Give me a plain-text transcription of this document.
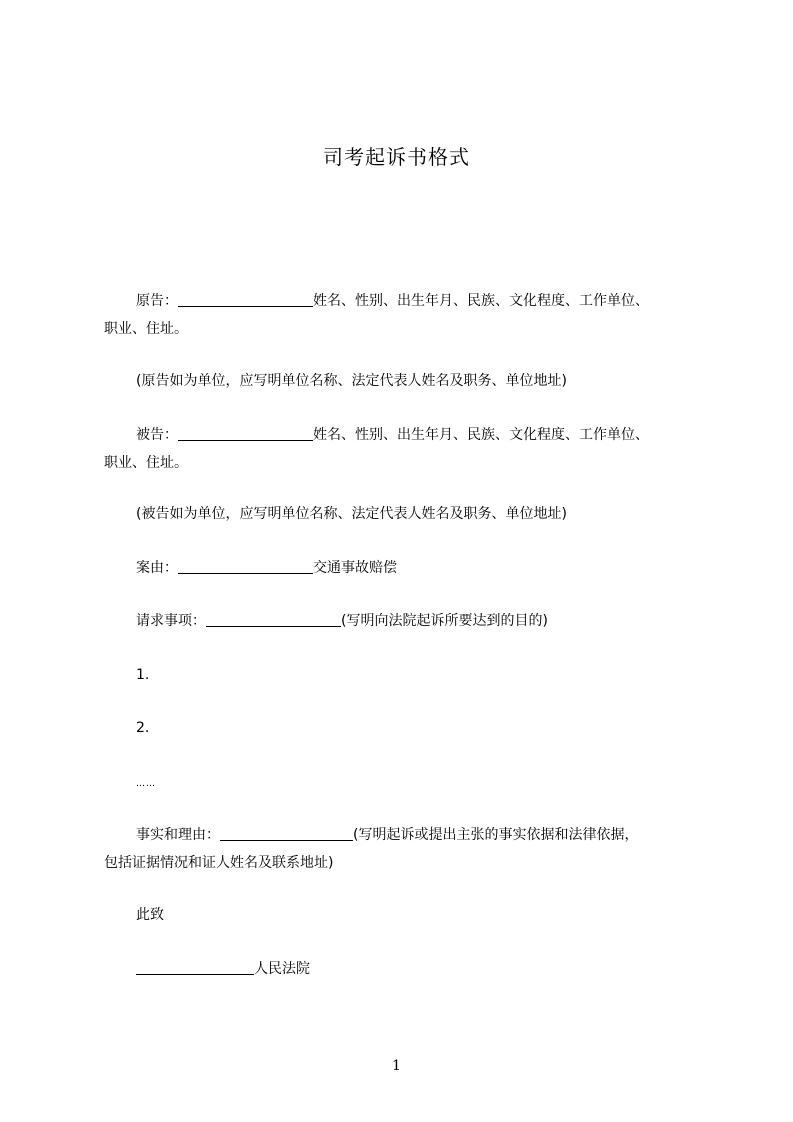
司考起诉书格式
原告：	姓名、性别、出生年月、民族、文化程度、工作单位、
职业、住址。
(原告如为单位，应写明单位名称、法定代表人姓名及职务、单位地址)
被告：	姓名、性别、出生年月、民族、文化程度、工作单位、
职业、住址。
(被告如为单位，应写明单位名称、法定代表人姓名及职务、单位地址)
案由：	交通事故赔偿
请求事项：	(写明向法院起诉所要达到的目的)
1.
2.
……
事实和理由：	(写明起诉或提出主张的事实依据和法律依据，
包括证据情况和证人姓名及联系地址)
此致
人民法院
1
